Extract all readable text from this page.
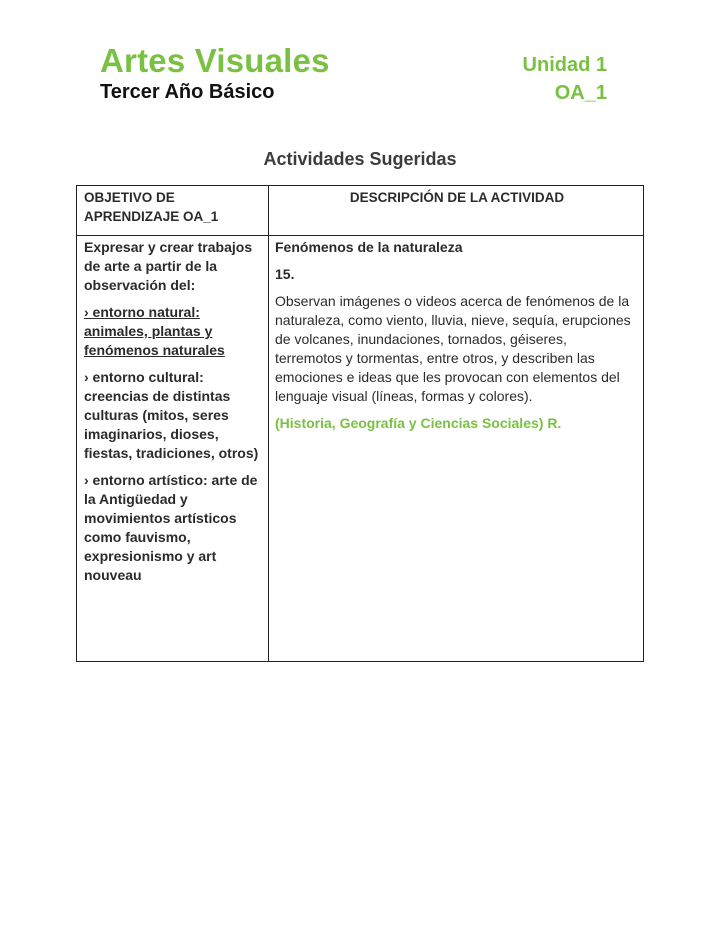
Artes Visuales
Tercer Año Básico
Unidad 1
OA_1
Actividades Sugeridas
OBJETIVO DE APRENDIZAJE OA_1
DESCRIPCIÓN DE LA ACTIVIDAD

Expresar y crear trabajos de arte a partir de la observación del:

› entorno natural: animales, plantas y fenómenos naturales

› entorno cultural: creencias de distintas culturas (mitos, seres imaginarios, dioses, fiestas, tradiciones, otros)

› entorno artístico: arte de la Antigüedad y movimientos artísticos como fauvismo, expresionismo y art nouveau

Fenómenos de la naturaleza

15.

Observan imágenes o videos acerca de fenómenos de la naturaleza, como viento, lluvia, nieve, sequía, erupciones de volcanes, inundaciones, tornados, géiseres, terremotos y tormentas, entre otros, y describen las emociones e ideas que les provocan con elementos del lenguaje visual (líneas, formas y colores).

(Historia, Geografía y Ciencias Sociales) R.
